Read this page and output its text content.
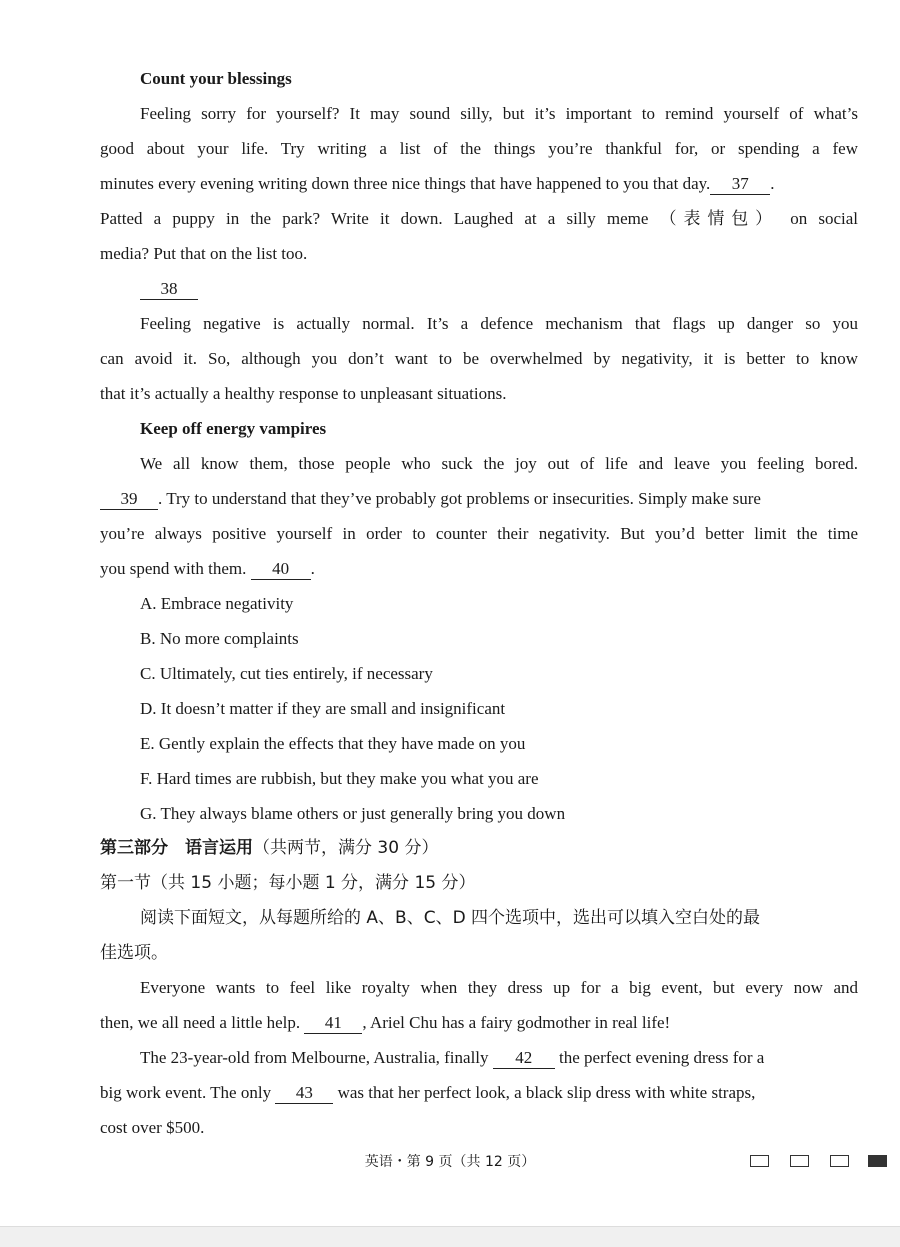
Count your blessings
Feeling sorry for yourself? It may sound silly, but it’s important to remind yourself of what’s
good about your life. Try writing a list of the things you’re thankful for, or spending a few
minutes every evening writing down three nice things that have happened to you that day. 37 .
Patted a puppy in the park? Write it down. Laughed at a silly meme （表情包） on social
media? Put that on the list too.
38
Feeling negative is actually normal. It’s a defence mechanism that flags up danger so you
can avoid it. So, although you don’t want to be overwhelmed by negativity, it is better to know
that it’s actually a healthy response to unpleasant situations.
Keep off energy vampires
We all know them, those people who suck the joy out of life and leave you feeling bored.
39 . Try to understand that they’ve probably got problems or insecurities. Simply make sure
you’re always positive yourself in order to counter their negativity. But you’d better limit the time
you spend with them. 40 .
A. Embrace negativity
B. No more complaints
C. Ultimately, cut ties entirely, if necessary
D. It doesn’t matter if they are small and insignificant
E. Gently explain the effects that they have made on you
F. Hard times are rubbish, but they make you what you are
G. They always blame others or just generally bring you down
第三部分　语言运用（共两节，满分 30 分）
第一节（共 15 小题；每小题 1 分，满分 15 分）
阅读下面短文，从每题所给的 A、B、C、D 四个选项中，选出可以填入空白处的最
佳选项。
Everyone wants to feel like royalty when they dress up for a big event, but every now and
then, we all need a little help. 41 , Ariel Chu has a fairy godmother in real life!
The 23-year-old from Melbourne, Australia, finally 42 the perfect evening dress for a
big work event. The only 43 was that her perfect look, a black slip dress with white straps,
cost over $500.
英语・第 9 页（共 12 页）
